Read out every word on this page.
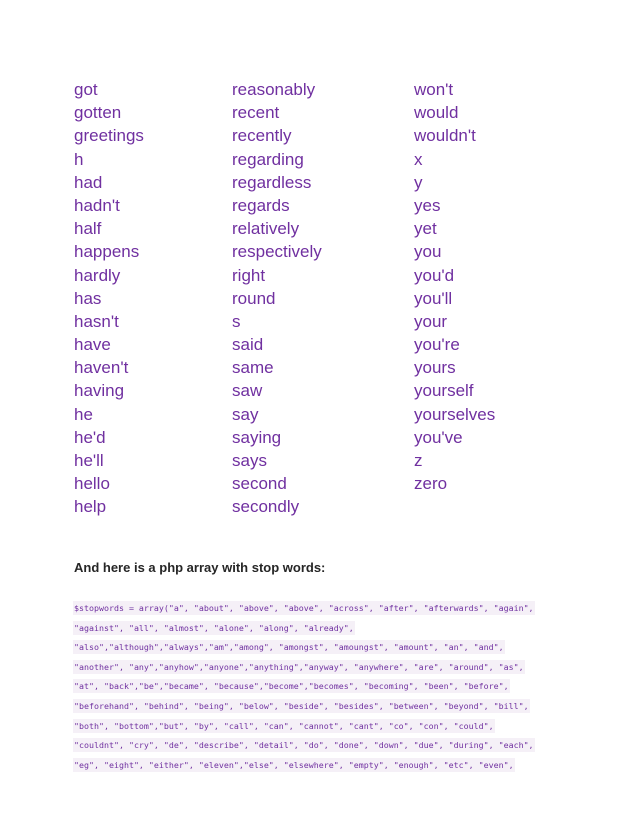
got
gotten
greetings
h
had
hadn't
half
happens
hardly
has
hasn't
have
haven't
having
he
he'd
he'll
hello
help
reasonably
recent
recently
regarding
regardless
regards
relatively
respectively
right
round
s
said
same
saw
say
saying
says
second
secondly
won't
would
wouldn't
x
y
yes
yet
you
you'd
you'll
your
you're
yours
yourself
yourselves
you've
z
zero
And here is a php array with stop words:
$stopwords = array("a", "about", "above", "above", "across", "after", "afterwards", "again",
"against", "all", "almost", "alone", "along", "already",
"also","although","always","am","among", "amongst", "amoungst", "amount", "an", "and",
"another", "any","anyhow","anyone","anything","anyway", "anywhere", "are", "around", "as",
"at", "back","be","became", "because","become","becomes", "becoming", "been", "before",
"beforehand", "behind", "being", "below", "beside", "besides", "between", "beyond", "bill",
"both", "bottom","but", "by", "call", "can", "cannot", "cant", "co", "con", "could",
"couldnt", "cry", "de", "describe", "detail", "do", "done", "down", "due", "during", "each",
"eg", "eight", "either", "eleven","else", "elsewhere", "empty", "enough", "etc", "even",
